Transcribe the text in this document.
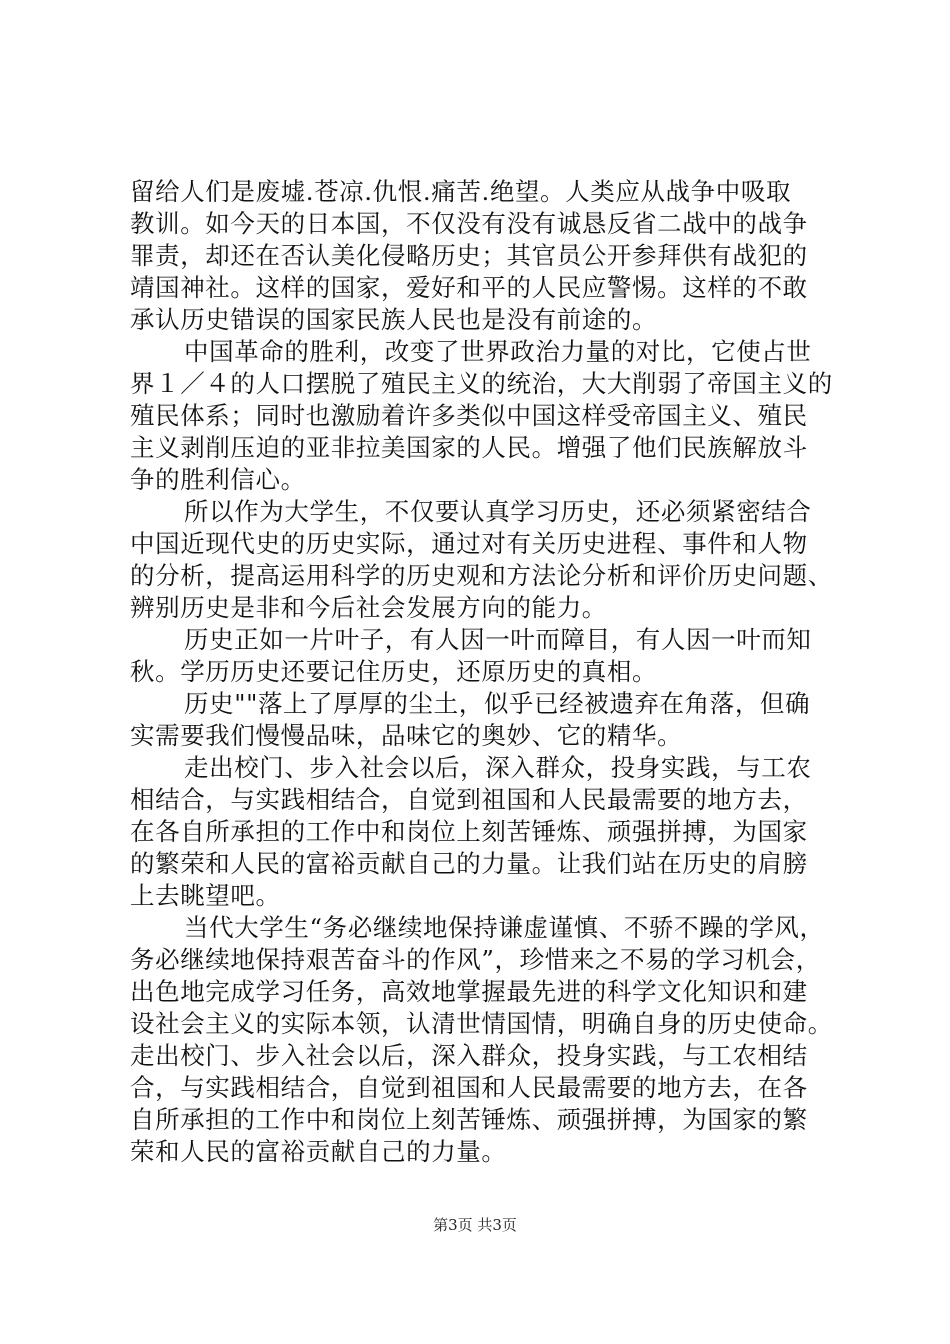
留给人们是废墟.苍凉.仇恨.痛苦.绝望。人类应从战争中吸取
教训。如今天的日本国，不仅没有没有诚恳反省二战中的战争
罪责，却还在否认美化侵略历史；其官员公开参拜供有战犯的
靖国神社。这样的国家，爱好和平的人民应警惕。这样的不敢
承认历史错误的国家民族人民也是没有前途的。
中国革命的胜利，改变了世界政治力量的对比，它使占世
界１／４的人口摆脱了殖民主义的统治，大大削弱了帝国主义的
殖民体系；同时也激励着许多类似中国这样受帝国主义、殖民
主义剥削压迫的亚非拉美国家的人民。增强了他们民族解放斗
争的胜利信心。
所以作为大学生，不仅要认真学习历史，还必须紧密结合
中国近现代史的历史实际，通过对有关历史进程、事件和人物
的分析，提高运用科学的历史观和方法论分析和评价历史问题、
辨别历史是非和今后社会发展方向的能力。
历史正如一片叶子，有人因一叶而障目，有人因一叶而知
秋。学历历史还要记住历史，还原历史的真相。
历史""落上了厚厚的尘土，似乎已经被遗弃在角落，但确
实需要我们慢慢品味，品味它的奥妙、它的精华。
走出校门、步入社会以后，深入群众，投身实践，与工农
相结合，与实践相结合，自觉到祖国和人民最需要的地方去，
在各自所承担的工作中和岗位上刻苦锤炼、顽强拼搏，为国家
的繁荣和人民的富裕贡献自己的力量。让我们站在历史的肩膀
上去眺望吧。
当代大学生“务必继续地保持谦虚谨慎、不骄不躁的学风，
务必继续地保持艰苦奋斗的作风”，珍惜来之不易的学习机会，
出色地完成学习任务，高效地掌握最先进的科学文化知识和建
设社会主义的实际本领，认清世情国情，明确自身的历史使命。
走出校门、步入社会以后，深入群众，投身实践，与工农相结
合，与实践相结合，自觉到祖国和人民最需要的地方去，在各
自所承担的工作中和岗位上刻苦锤炼、顽强拼搏，为国家的繁
荣和人民的富裕贡献自己的力量。
第3页 共3页
